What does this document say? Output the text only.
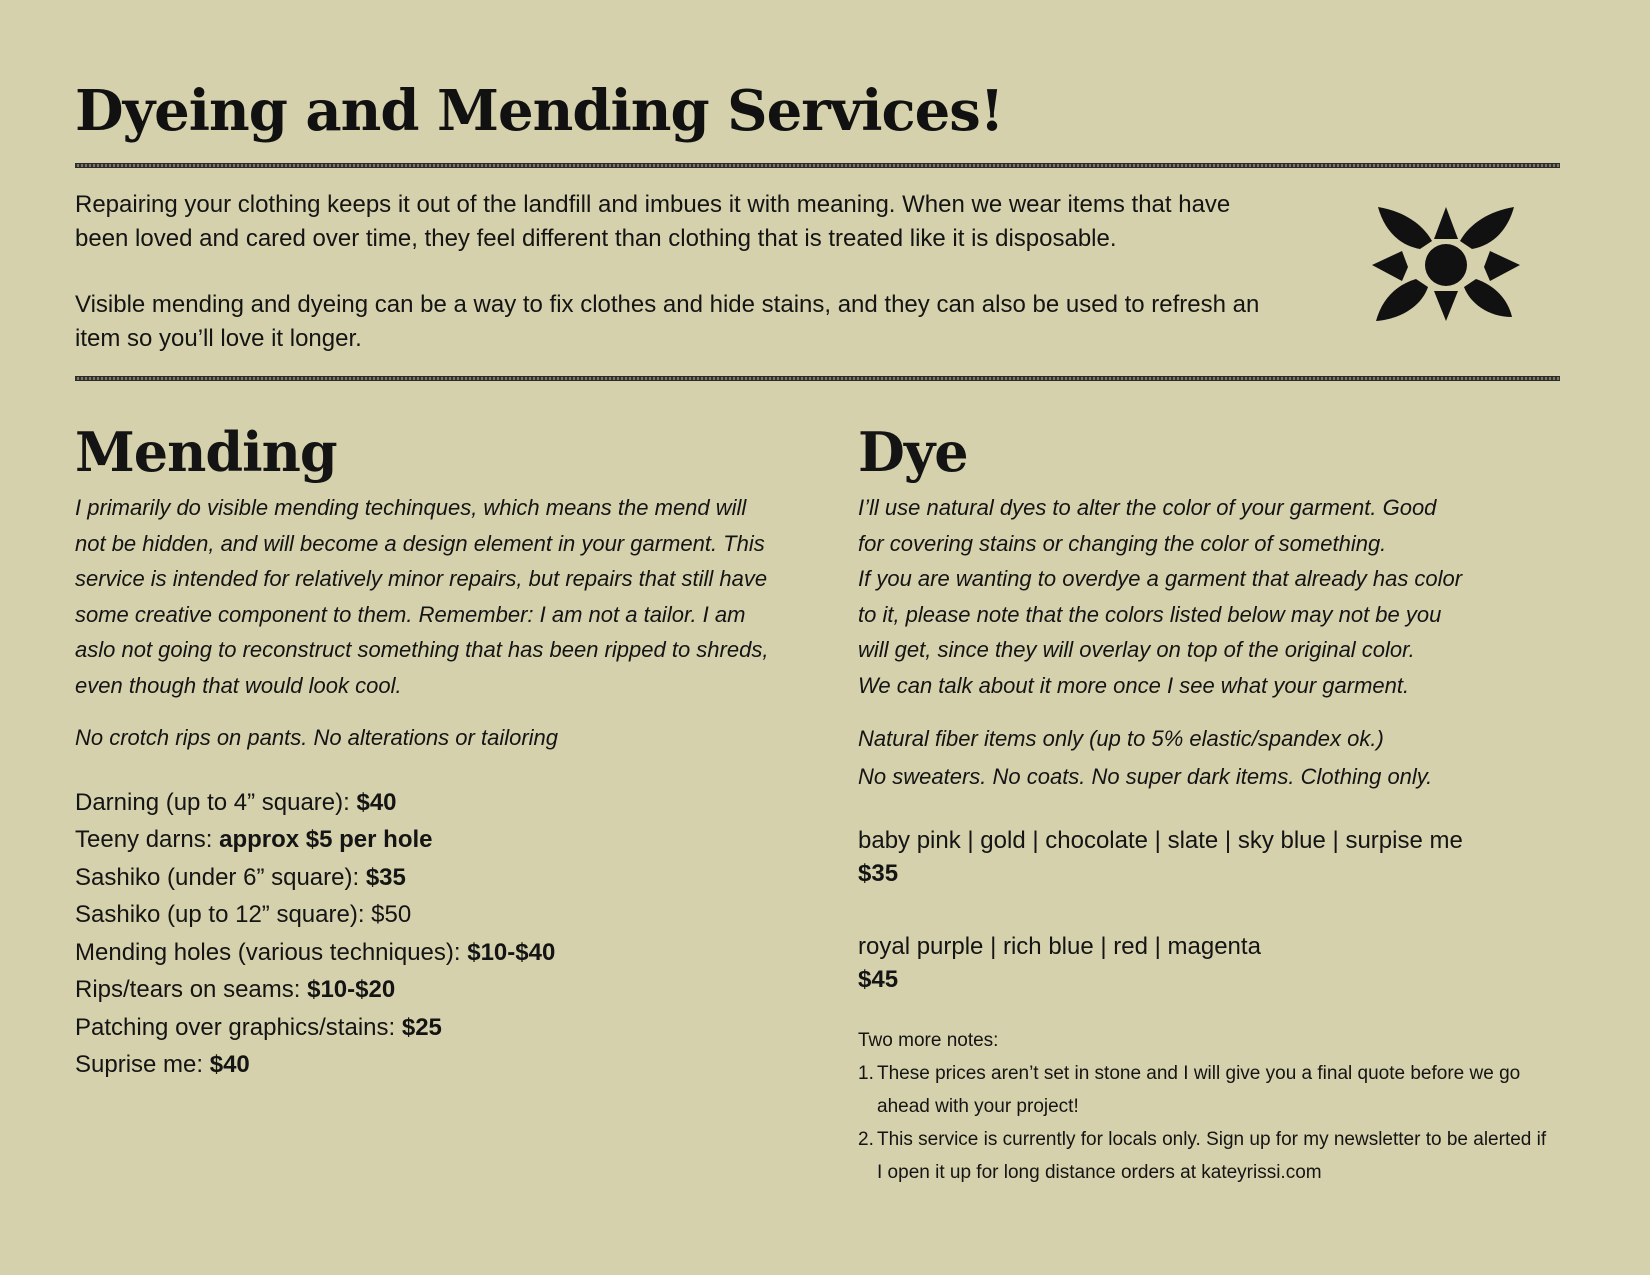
Dyeing and Mending Services!

Repairing your clothing keeps it out of the landfill and imbues it with meaning. When we wear items that have been loved and cared over time, they feel different than clothing that is treated like it is disposable.

Visible mending and dyeing can be a way to fix clothes and hide stains, and they can also be used to refresh an item so you’ll love it longer.

Mending

I primarily do visible mending techinques, which means the mend will not be hidden, and will become a design element in your garment. This service is intended for relatively minor repairs, but repairs that still have some creative component to them. Remember: I am not a tailor. I am aslo not going to reconstruct something that has been ripped to shreds, even though that would look cool.

No crotch rips on pants. No alterations or tailoring

Darning (up to 4” square): $40
Teeny darns: approx $5 per hole
Sashiko (under 6” square): $35
Sashiko (up to 12” square): $50
Mending holes (various techniques): $10-$40
Rips/tears on seams: $10-$20
Patching over graphics/stains: $25
Suprise me: $40
Dye
I’ll use natural dyes to alter the color of your garment. Good
for covering stains or changing the color of something.
If you are wanting to overdye a garment that already has color
to it, please note that the colors listed below may not be you
will get, since they will overlay on top of the original color.
We can talk about it more once I see what your garment.
Natural fiber items only (up to 5% elastic/spandex ok.)
No sweaters. No coats. No super dark items. Clothing only.
baby pink | gold | chocolate | slate | sky blue | surpise me
$35
royal purple | rich blue | red | magenta
$45
Two more notes:
1. These prices aren’t set in stone and I will give you a final quote before we go ahead with your project!
2. This service is currently for locals only. Sign up for my newsletter to be alerted if I open it up for long distance orders at kateyrissi.com
